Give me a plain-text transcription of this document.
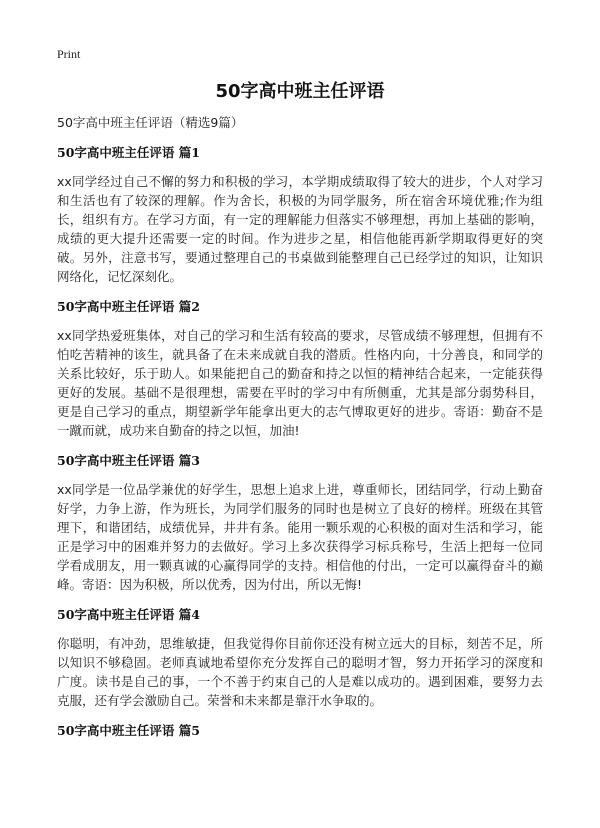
Print
50字高中班主任评语
50字高中班主任评语（精选9篇）
50字高中班主任评语 篇1
xx同学经过自己不懈的努力和积极的学习，本学期成绩取得了较大的进步，个人对学习和生活也有了较深的理解。作为舍长，积极的为同学服务，所在宿舍环境优雅;作为组长，组织有方。在学习方面，有一定的理解能力但落实不够理想，再加上基础的影响，成绩的更大提升还需要一定的时间。作为进步之星，相信他能再新学期取得更好的突破。另外，注意书写，要通过整理自己的书桌做到能整理自己已经学过的知识，让知识网络化，记忆深刻化。
50字高中班主任评语 篇2
xx同学热爱班集体，对自己的学习和生活有较高的要求，尽管成绩不够理想，但拥有不怕吃苦精神的该生，就具备了在未来成就自我的潜质。性格内向，十分善良，和同学的关系比较好，乐于助人。如果能把自己的勤奋和持之以恒的精神结合起来，一定能获得更好的发展。基础不是很理想，需要在平时的学习中有所侧重，尤其是部分弱势科目，更是自己学习的重点，期望新学年能拿出更大的志气博取更好的进步。寄语：勤奋不是一蹴而就，成功来自勤奋的持之以恒，加油!
50字高中班主任评语 篇3
xx同学是一位品学兼优的好学生，思想上追求上进，尊重师长，团结同学，行动上勤奋好学，力争上游，作为班长，为同学们服务的同时也是树立了良好的榜样。班级在其管理下，和谐团结，成绩优异，井井有条。能用一颗乐观的心积极的面对生活和学习，能正是学习中的困难并努力的去做好。学习上多次获得学习标兵称号，生活上把每一位同学看成朋友，用一颗真诚的心赢得同学的支持。相信他的付出，一定可以赢得奋斗的巅峰。寄语：因为积极，所以优秀，因为付出，所以无悔!
50字高中班主任评语 篇4
你聪明，有冲劲，思维敏捷，但我觉得你目前你还没有树立远大的目标，刻苦不足，所以知识不够稳固。老师真诚地希望你充分发挥自己的聪明才智，努力开拓学习的深度和广度。读书是自己的事，一个不善于约束自己的人是难以成功的。遇到困难，要努力去克服，还有学会激励自己。荣誉和未来都是靠汗水争取的。
50字高中班主任评语 篇5
